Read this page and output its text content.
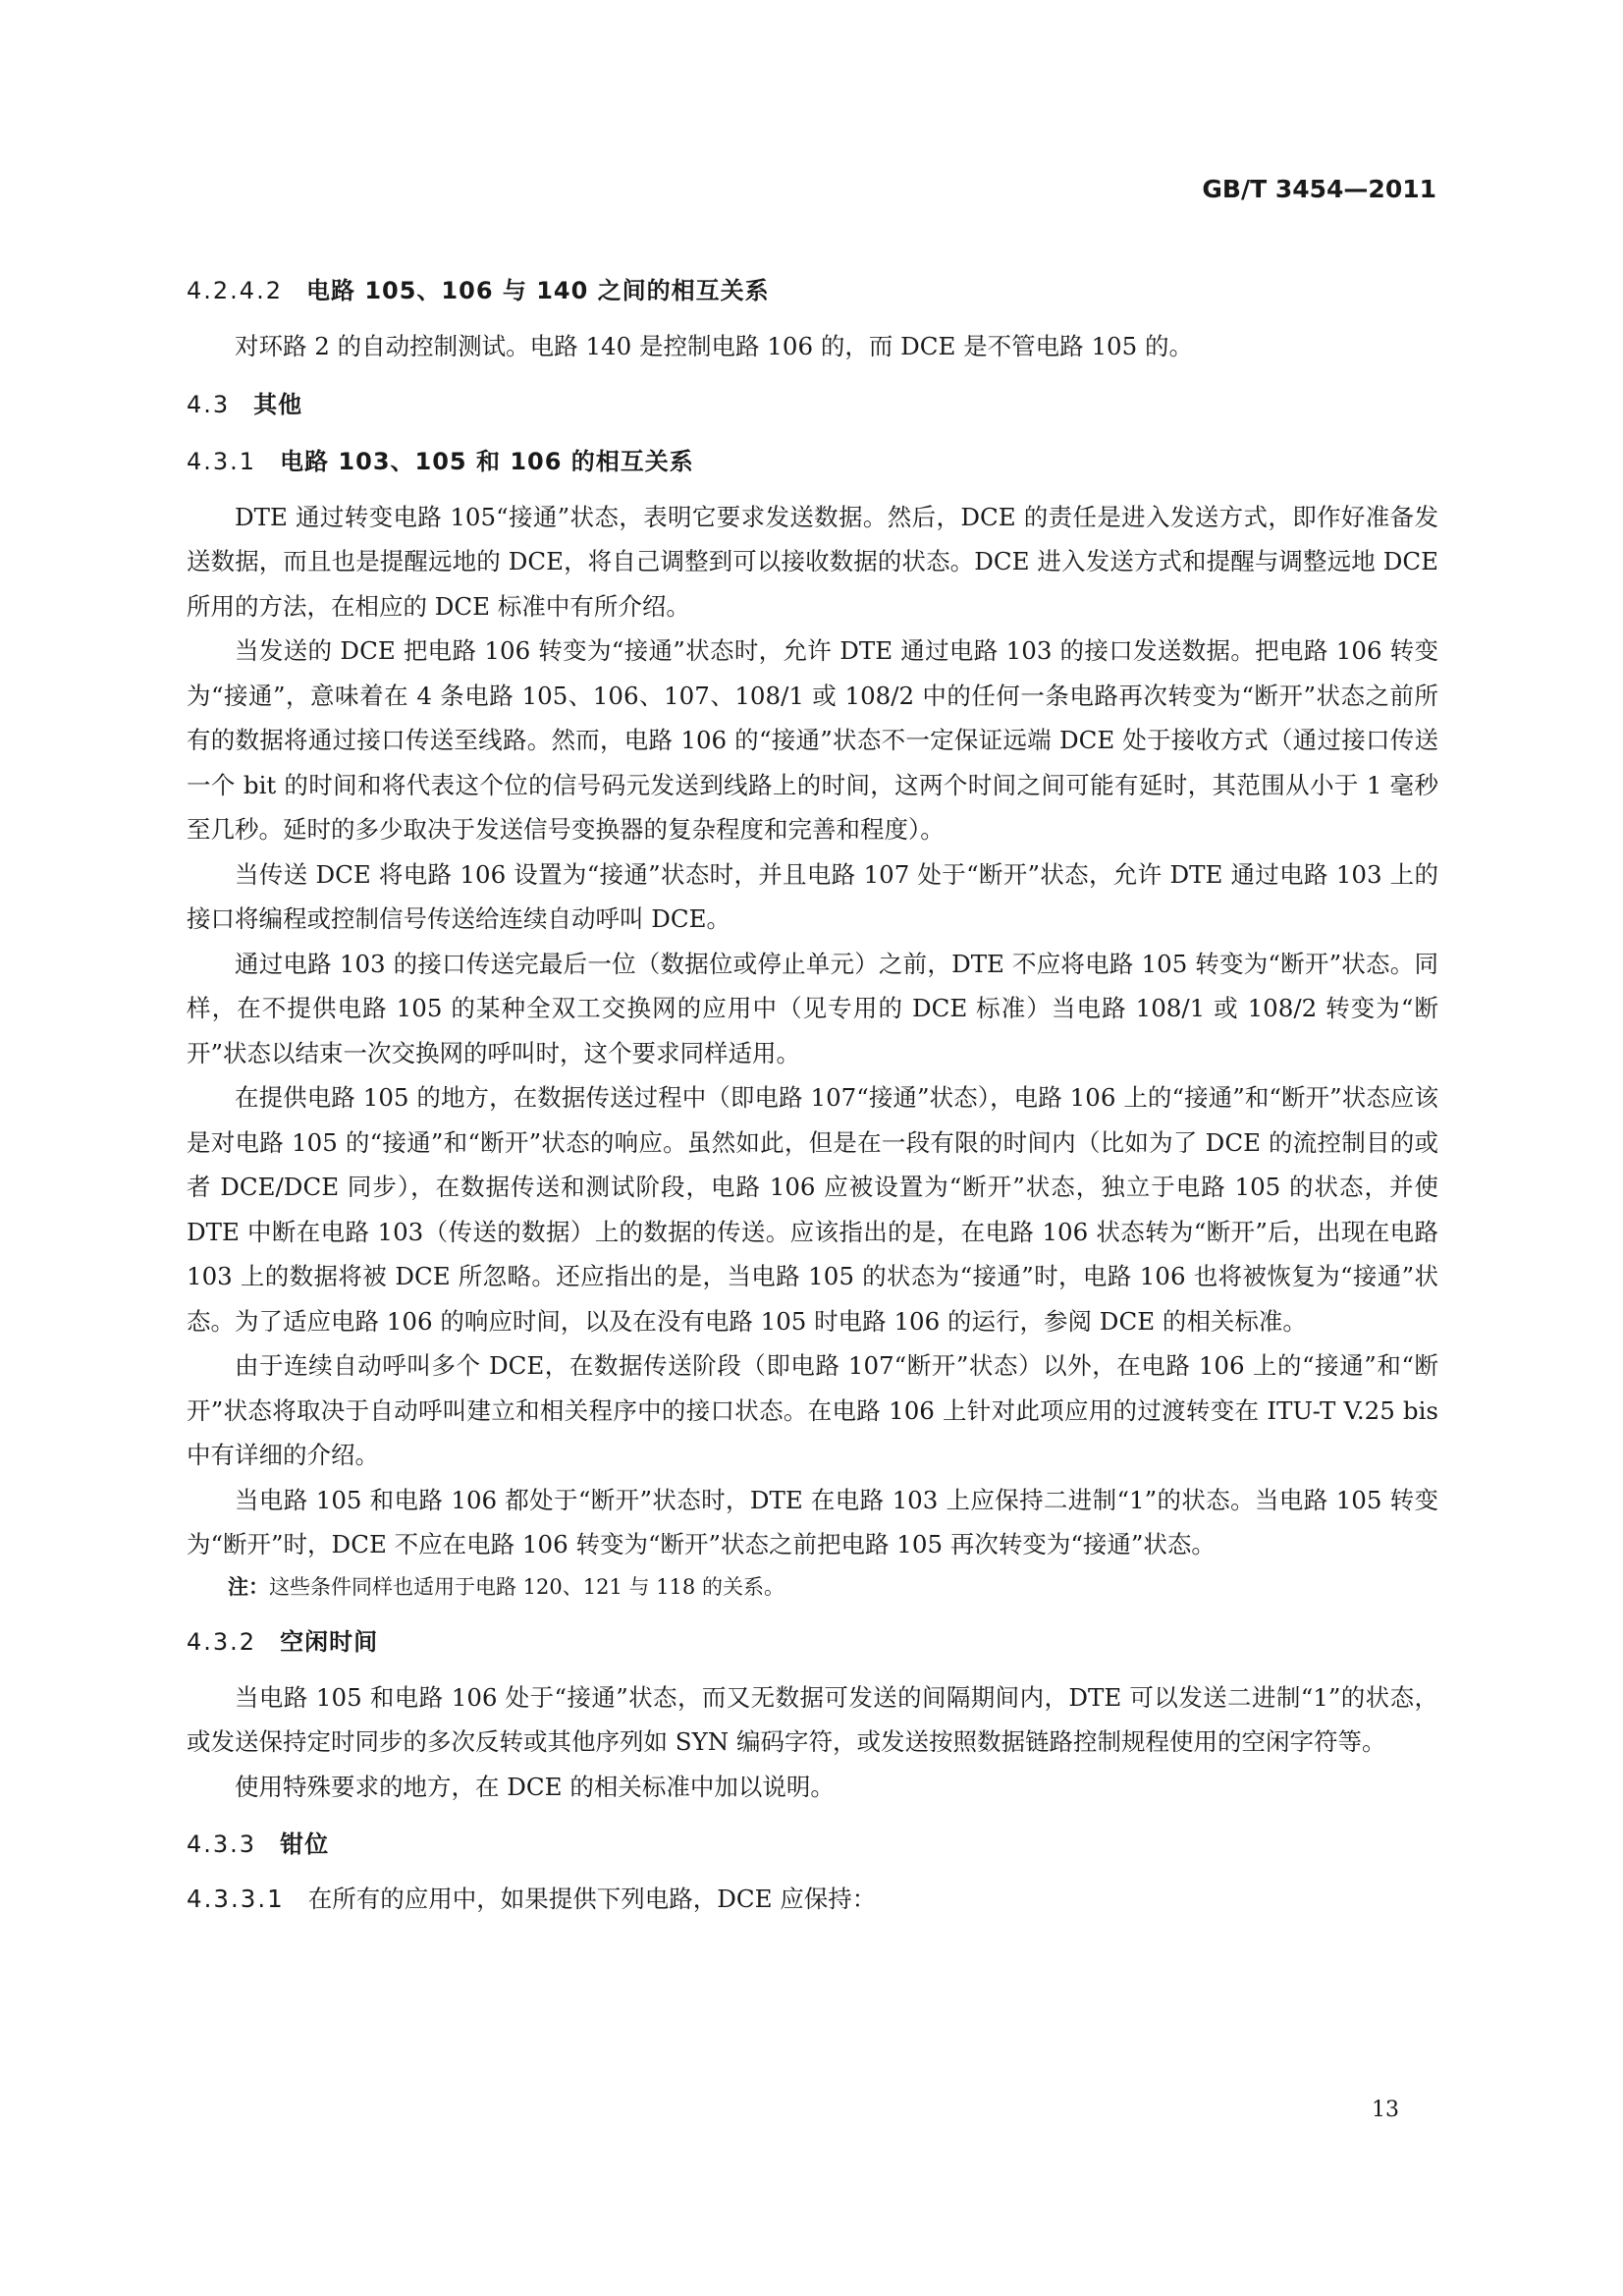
GB/T 3454—2011
4.2.4.2 电路 105、106 与 140 之间的相互关系

对环路 2 的自动控制测试。电路 140 是控制电路 106 的，而 DCE 是不管电路 105 的。

4.3 其他
4.3.1 电路 103、105 和 106 的相互关系

DTE 通过转变电路 105“接通”状态，表明它要求发送数据。然后，DCE 的责任是进入发送方式，即作好准备发送数据，而且也是提醒远地的 DCE，将自己调整到可以接收数据的状态。DCE 进入发送方式和提醒与调整远地 DCE 所用的方法，在相应的 DCE 标准中有所介绍。

当发送的 DCE 把电路 106 转变为“接通”状态时，允许 DTE 通过电路 103 的接口发送数据。把电路 106 转变为“接通”，意味着在 4 条电路 105、106、107、108/1 或 108/2 中的任何一条电路再次转变为“断开”状态之前所有的数据将通过接口传送至线路。然而，电路 106 的“接通”状态不一定保证远端 DCE 处于接收方式（通过接口传送一个 bit 的时间和将代表这个位的信号码元发送到线路上的时间，这两个时间之间可能有延时，其范围从小于 1 毫秒至几秒。延时的多少取决于发送信号变换器的复杂程度和完善和程度）。

当传送 DCE 将电路 106 设置为“接通”状态时，并且电路 107 处于“断开”状态，允许 DTE 通过电路 103 上的接口将编程或控制信号传送给连续自动呼叫 DCE。

通过电路 103 的接口传送完最后一位（数据位或停止单元）之前，DTE 不应将电路 105 转变为“断开”状态。同样，在不提供电路 105 的某种全双工交换网的应用中（见专用的 DCE 标准）当电路 108/1 或 108/2 转变为“断开”状态以结束一次交换网的呼叫时，这个要求同样适用。

在提供电路 105 的地方，在数据传送过程中（即电路 107“接通”状态），电路 106 上的“接通”和“断开”状态应该是对电路 105 的“接通”和“断开”状态的响应。虽然如此，但是在一段有限的时间内（比如为了 DCE 的流控制目的或者 DCE/DCE 同步），在数据传送和测试阶段，电路 106 应被设置为“断开”状态，独立于电路 105 的状态，并使 DTE 中断在电路 103（传送的数据）上的数据的传送。应该指出的是，在电路 106 状态转为“断开”后，出现在电路 103 上的数据将被 DCE 所忽略。还应指出的是，当电路 105 的状态为“接通”时，电路 106 也将被恢复为“接通”状态。为了适应电路 106 的响应时间，以及在没有电路 105 时电路 106 的运行，参阅 DCE 的相关标准。

由于连续自动呼叫多个 DCE，在数据传送阶段（即电路 107“断开”状态）以外，在电路 106 上的“接通”和“断开”状态将取决于自动呼叫建立和相关程序中的接口状态。在电路 106 上针对此项应用的过渡转变在 ITU-T V.25 bis 中有详细的介绍。

当电路 105 和电路 106 都处于“断开”状态时，DTE 在电路 103 上应保持二进制“1”的状态。当电路 105 转变为“断开”时，DCE 不应在电路 106 转变为“断开”状态之前把电路 105 再次转变为“接通”状态。

注：这些条件同样也适用于电路 120、121 与 118 的关系。

4.3.2 空闲时间

当电路 105 和电路 106 处于“接通”状态，而又无数据可发送的间隔期间内，DTE 可以发送二进制“1”的状态，或发送保持定时同步的多次反转或其他序列如 SYN 编码字符，或发送按照数据链路控制规程使用的空闲字符等。

使用特殊要求的地方，在 DCE 的相关标准中加以说明。

4.3.3 钳位
4.3.3.1 在所有的应用中，如果提供下列电路，DCE 应保持：
13
